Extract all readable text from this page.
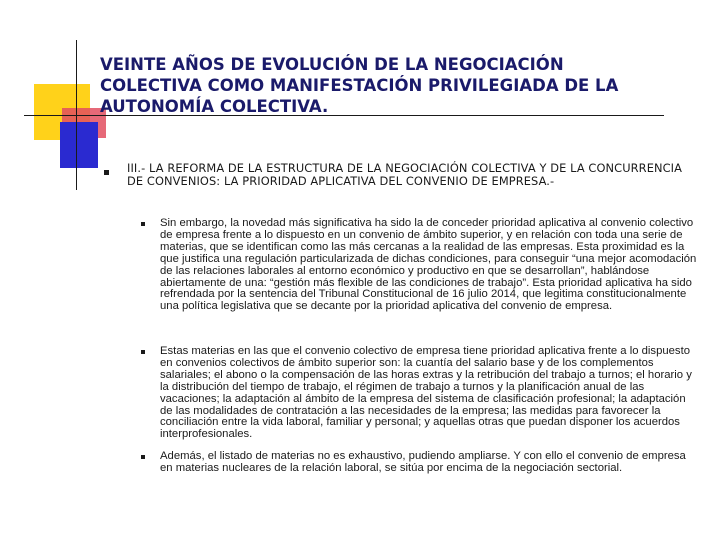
VEINTE AÑOS DE EVOLUCIÓN DE LA NEGOCIACIÓN
COLECTIVA COMO MANIFESTACIÓN PRIVILEGIADA DE LA
AUTONOMÍA COLECTIVA.
III.- LA REFORMA DE LA ESTRUCTURA DE LA NEGOCIACIÓN COLECTIVA Y DE LA CONCURRENCIA DE CONVENIOS: LA PRIORIDAD APLICATIVA DEL CONVENIO DE EMPRESA.-

Sin embargo, la novedad más significativa ha sido la de conceder prioridad aplicativa al convenio colectivo de empresa frente a lo dispuesto en un convenio de ámbito superior, y en relación con toda una serie de materias, que se identifican como las más cercanas a la realidad de las empresas. Esta proximidad es la que justifica una regulación particularizada de dichas condiciones, para conseguir “una mejor acomodación de las relaciones laborales al entorno económico y productivo en que se desarrollan”, hablándose abiertamente de una: “gestión más flexible de las condiciones de trabajo”. Esta prioridad aplicativa ha sido refrendada por la sentencia del Tribunal Constitucional de 16 julio 2014, que legitima constitucionalmente una política legislativa que se decante por la prioridad aplicativa del convenio de empresa.

Estas materias en las que el convenio colectivo de empresa tiene prioridad aplicativa frente a lo dispuesto en convenios colectivos de ámbito superior son: la cuantía del salario base y de los complementos salariales; el abono o la compensación de las horas extras y la retribución del trabajo a turnos; el horario y la distribución del tiempo de trabajo, el régimen de trabajo a turnos y la planificación anual de las vacaciones; la adaptación al ámbito de la empresa del sistema de clasificación profesional; la adaptación de las modalidades de contratación a las necesidades de la empresa; las medidas para favorecer la conciliación entre la vida laboral, familiar y personal; y aquellas otras que puedan disponer los acuerdos interprofesionales.

Además, el listado de materias no es exhaustivo, pudiendo ampliarse. Y con ello el convenio de empresa en materias nucleares de la relación laboral, se sitúa por encima de la negociación sectorial.
